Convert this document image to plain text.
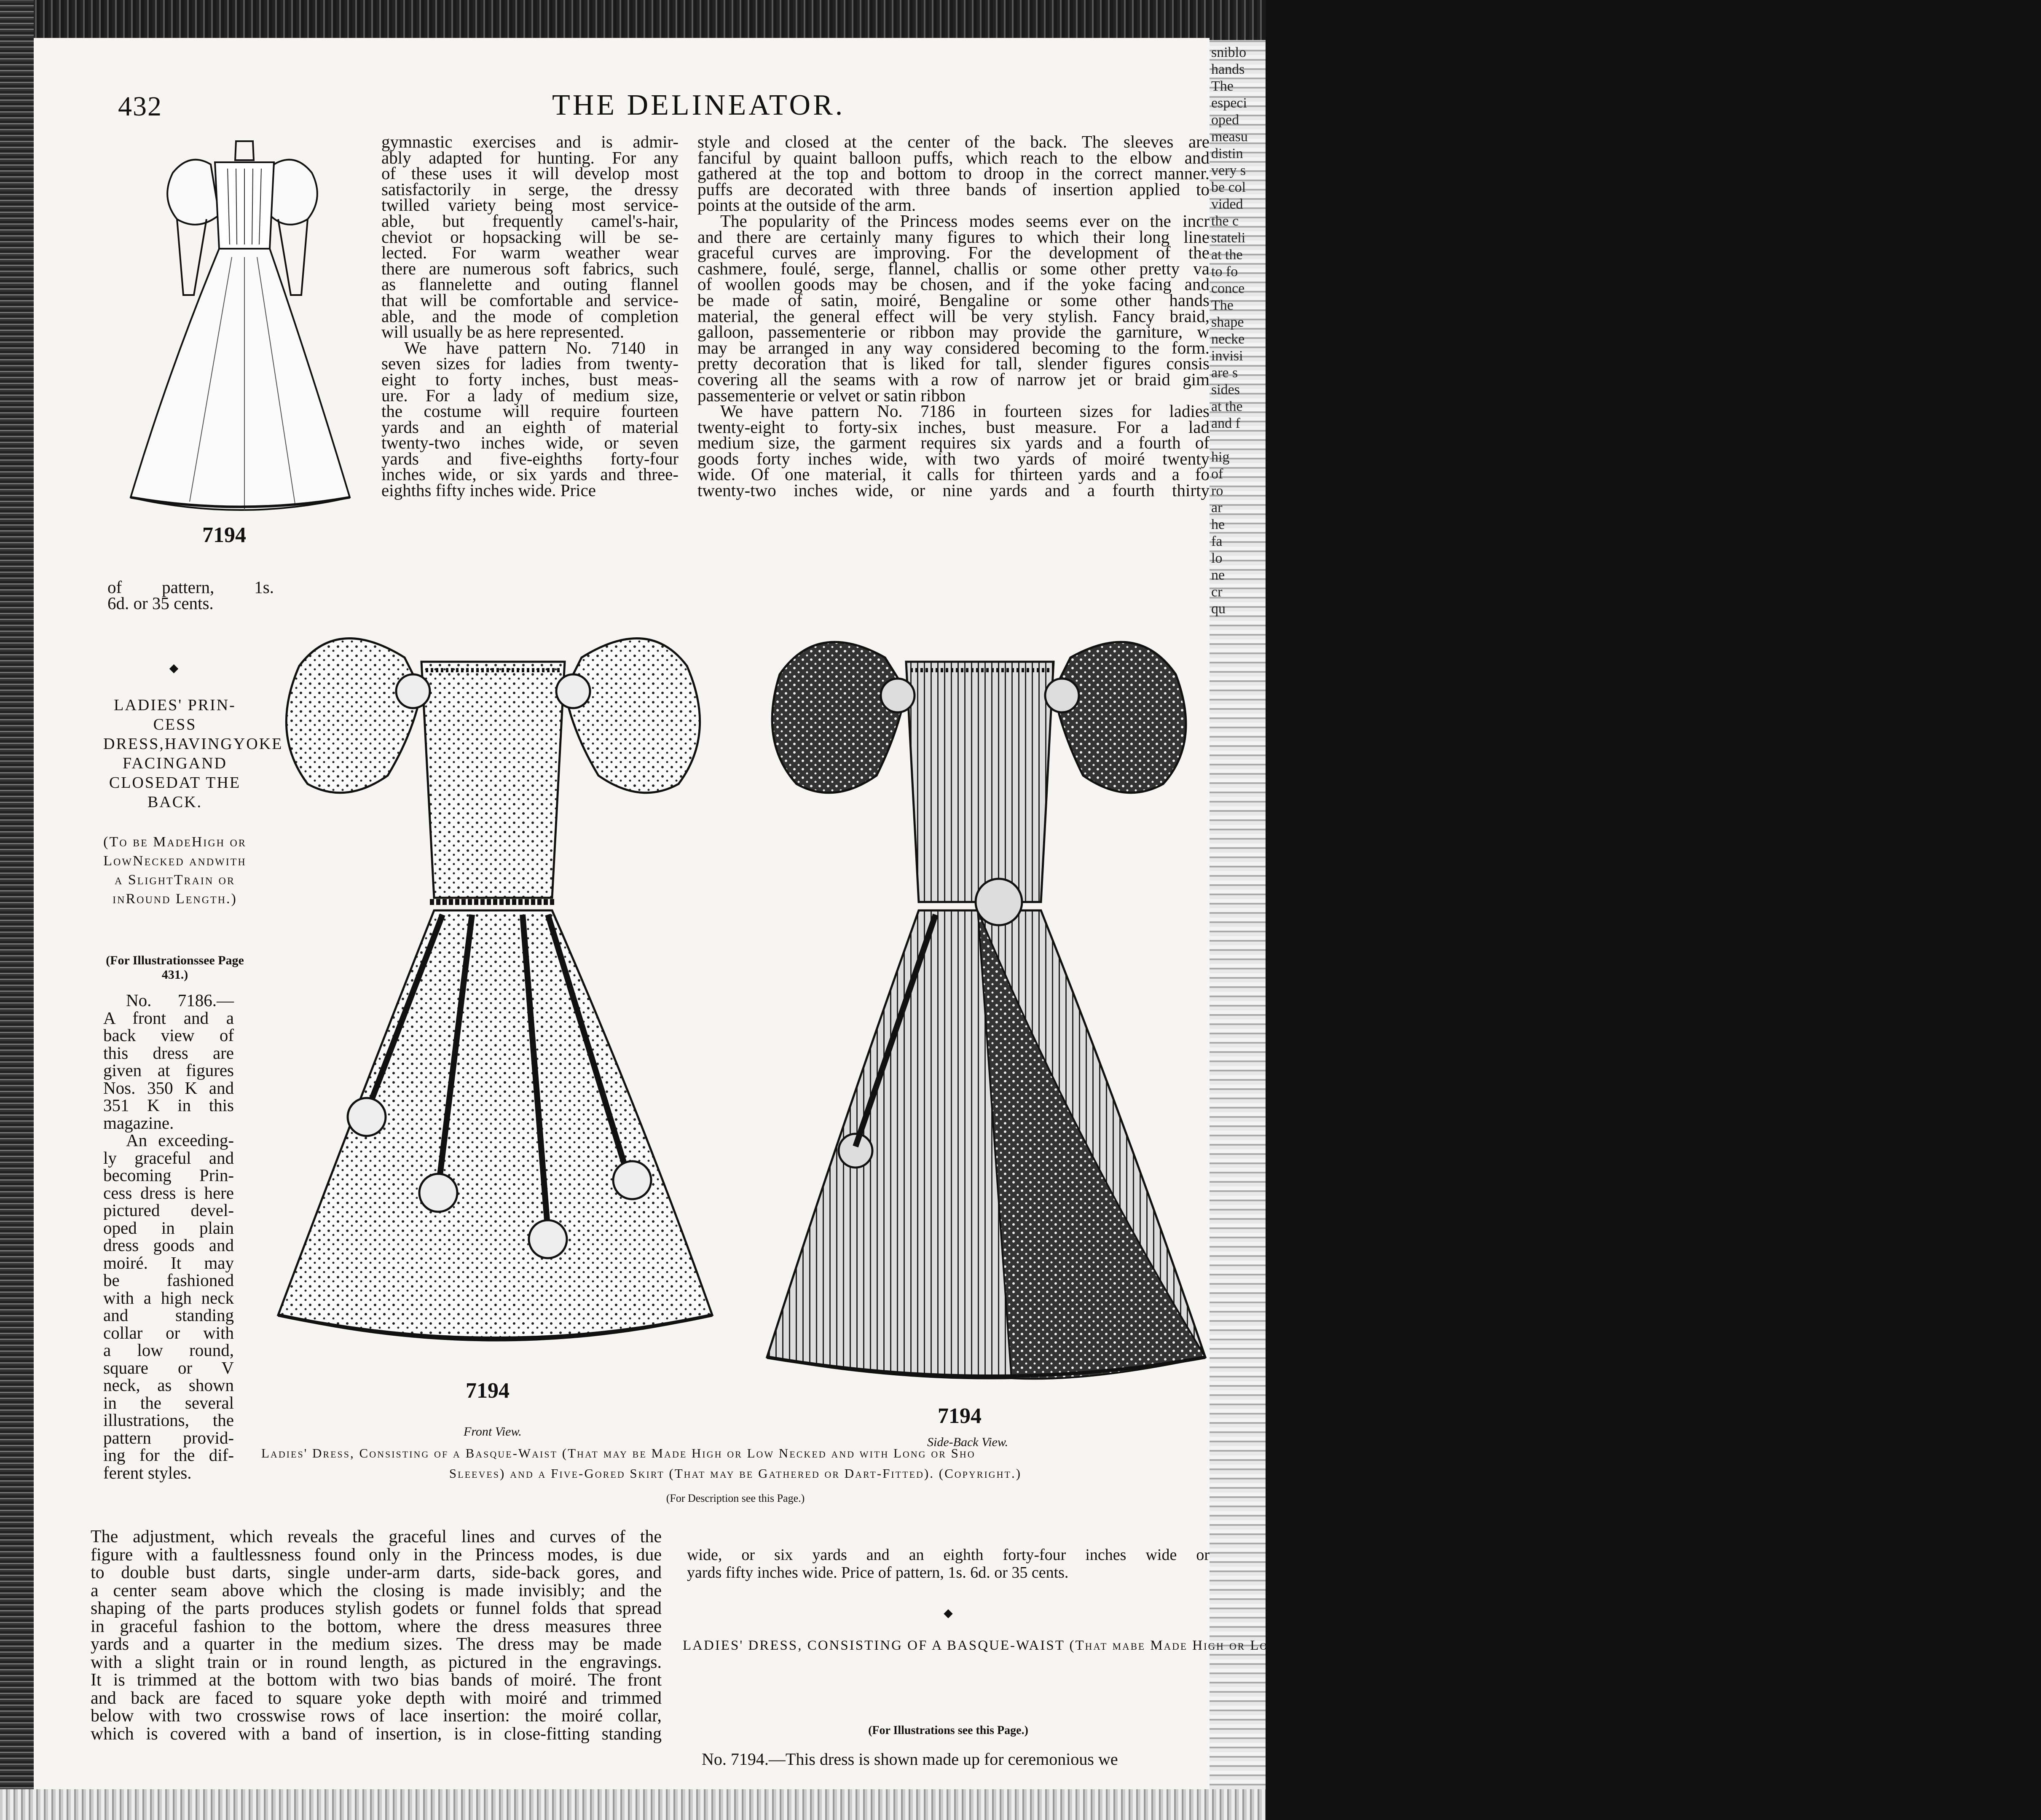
sniblo
hands
The
especi
oped
measu
distin
very s
be col
vided
the c
stateli
at the
to fo
conce
The
shape
necke
invisi
are s
sides
at the
and f
hig
of
ro
ar
he
fa
lo
ne
cr
qu
432	THE DELINEATOR.
7194
gymnastic exercises and is admir-
ably adapted for hunting. For any
of these uses it will develop most
satisfactorily in serge, the dressy
twilled variety being most service-
able, but frequently camel's-hair,
cheviot or hopsacking will be se-
lected. For warm weather wear
there are numerous soft fabrics, such
as flannelette and outing flannel
that will be comfortable and service-
able, and the mode of completion
will usually be as here represented.
We have pattern No. 7140 in
seven sizes for ladies from twenty-
eight to forty inches, bust meas-
ure. For a lady of medium size,
the costume will require fourteen
yards and an eighth of material
twenty-two inches wide, or seven
yards and five-eighths forty-four
inches wide, or six yards and three-
eighths fifty inches wide. Price
style and closed at the center of the back. The sleeves are
fanciful by quaint balloon puffs, which reach to the elbow and
gathered at the top and bottom to droop in the correct manner.
puffs are decorated with three bands of insertion applied to
points at the outside of the arm.
The popularity of the Princess modes seems ever on the incr
and there are certainly many figures to which their long line
graceful curves are improving. For the development of the
cashmere, foulé, serge, flannel, challis or some other pretty va
of woollen goods may be chosen, and if the yoke facing and
be made of satin, moiré, Bengaline or some other hands
material, the general effect will be very stylish. Fancy braid,
galloon, passementerie or ribbon may provide the garniture, w
may be arranged in any way considered becoming to the form.
pretty decoration that is liked for tall, slender figures consis
covering all the seams with a row of narrow jet or braid gim
passementerie or velvet or satin ribbon
We have pattern No. 7186 in fourteen sizes for ladies
twenty-eight to forty-six inches, bust measure. For a lad
medium size, the garment requires six yards and a fourth of
goods forty inches wide, with two yards of moiré twenty
wide. Of one material, it calls for thirteen yards and a fo
twenty-two inches wide, or nine yards and a fourth thirty
of pattern, 1s.
6d. or 35 cents.
◆
LADIES' PRIN-CESS DRESS,HAVINGYOKE FACINGAND CLOSEDAT THE BACK.
(To be MadeHigh or LowNecked andwith a SlightTrain or inRound Length.)
(For Illustrationssee Page 431.)
No. 7186.—
A front and a
back view of
this dress are
given at figures
Nos. 350 K and
351 K in this
magazine.
An exceeding-
ly graceful and
becoming Prin-
cess dress is here
pictured devel-
oped in plain
dress goods and
moiré. It may
be fashioned
with a high neck
and standing
collar or with
a low round,
square or V
neck, as shown
in the several
illustrations, the
pattern provid-
ing for the dif-
ferent styles.
7194
Front View.
7194
Side-Back View.
Ladies' Dress, Consisting of a Basque-Waist (That may be Made High or Low Necked and with Long or Sho
Sleeves) and a Five-Gored Skirt (That may be Gathered or Dart-Fitted). (Copyright.)
(For Description see this Page.)
The adjustment, which reveals the graceful lines and curves of the
figure with a faultlessness found only in the Princess modes, is due
to double bust darts, single under-arm darts, side-back gores, and
a center seam above which the closing is made invisibly; and the
shaping of the parts produces stylish godets or funnel folds that spread
in graceful fashion to the bottom, where the dress measures three
yards and a quarter in the medium sizes. The dress may be made
with a slight train or in round length, as pictured in the engravings.
It is trimmed at the bottom with two bias bands of moiré. The front
and back are faced to square yoke depth with moiré and trimmed
below with two crosswise rows of lace insertion: the moiré collar,
which is covered with a band of insertion, is in close-fitting standing
wide, or six yards and an eighth forty-four inches wide or
yards fifty inches wide. Price of pattern, 1s. 6d. or 35 cents.
◆
LADIES' DRESS, CONSISTING OF A BASQUE-WAIST (That mabe Made High or Low Necked and with Long or ShortSleeves) AND A FIVE-GORED SKIRT (Thatmay be Gathered or Dart-Fitted).
(For Illustrations see this Page.)
No. 7194.—This dress is shown made up for ceremonious we
